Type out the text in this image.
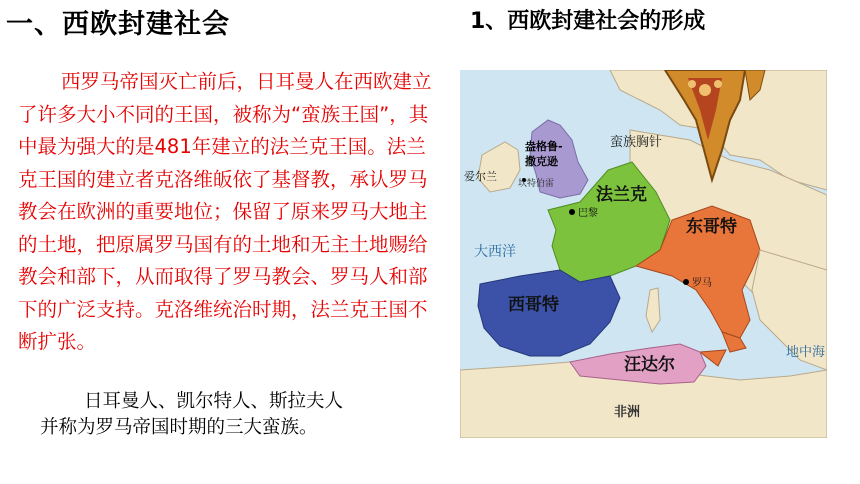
一、西欧封建社会	1、西欧封建社会的形成

西罗马帝国灭亡前后，日耳曼人在西欧建立了许多大小不同的王国，被称为“蛮族王国”，其中最为强大的是481年建立的法兰克王国。法兰克王国的建立者克洛维皈依了基督教，承认罗马教会在欧洲的重要地位；保留了原来罗马大地主的土地，把原属罗马国有的土地和无主土地赐给教会和部下，从而取得了罗马教会、罗马人和部下的广泛支持。克洛维统治时期，法兰克王国不断扩张。

日耳曼人、凯尔特人、斯拉夫人
并称为罗马帝国时期的三大蛮族。
蛮族胸针
盎格鲁-
撒克逊
坎特伯雷
爱尔兰
大西洋
法兰克
巴黎
东哥特
罗马
西哥特
汪达尔
非洲
地中海
